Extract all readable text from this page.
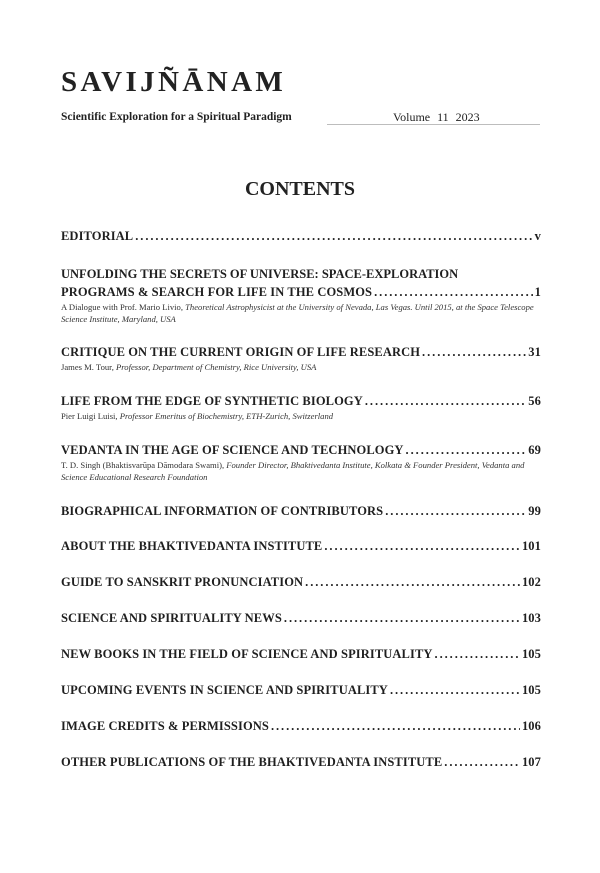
SAVIJÑĀNAM
Scientific Exploration for a Spiritual Paradigm	Volume 11 2023
CONTENTS
EDITORIAL . . .	v
UNFOLDING THE SECRETS OF UNIVERSE: SPACE-EXPLORATION
PROGRAMS & SEARCH FOR LIFE IN THE COSMOS . . .	1
A Dialogue with Prof. Mario Livio, Theoretical Astrophysicist at the University of Nevada, Las Vegas. Until 2015, at the Space Telescope Science Institute, Maryland, USA
CRITIQUE ON THE CURRENT ORIGIN OF LIFE RESEARCH . . .	31
James M. Tour, Professor, Department of Chemistry, Rice University, USA
LIFE FROM THE EDGE OF SYNTHETIC BIOLOGY . . .	56
Pier Luigi Luisi, Professor Emeritus of Biochemistry, ETH-Zurich, Switzerland
VEDANTA IN THE AGE OF SCIENCE AND TECHNOLOGY . . .	69
T. D. Singh (Bhaktisvarūpa Dāmodara Swami), Founder Director, Bhaktivedanta Institute, Kolkata & Founder President, Vedanta and Science Educational Research Foundation
BIOGRAPHICAL INFORMATION OF CONTRIBUTORS . . .	99
ABOUT THE BHAKTIVEDANTA INSTITUTE . . .	101
GUIDE TO SANSKRIT PRONUNCIATION . . .	102
SCIENCE AND SPIRITUALITY NEWS . . .	103
NEW BOOKS IN THE FIELD OF SCIENCE AND SPIRITUALITY . . .	105
UPCOMING EVENTS IN SCIENCE AND SPIRITUALITY . . .	105
IMAGE CREDITS & PERMISSIONS . . .	106
OTHER PUBLICATIONS OF THE BHAKTIVEDANTA INSTITUTE . . .	107
